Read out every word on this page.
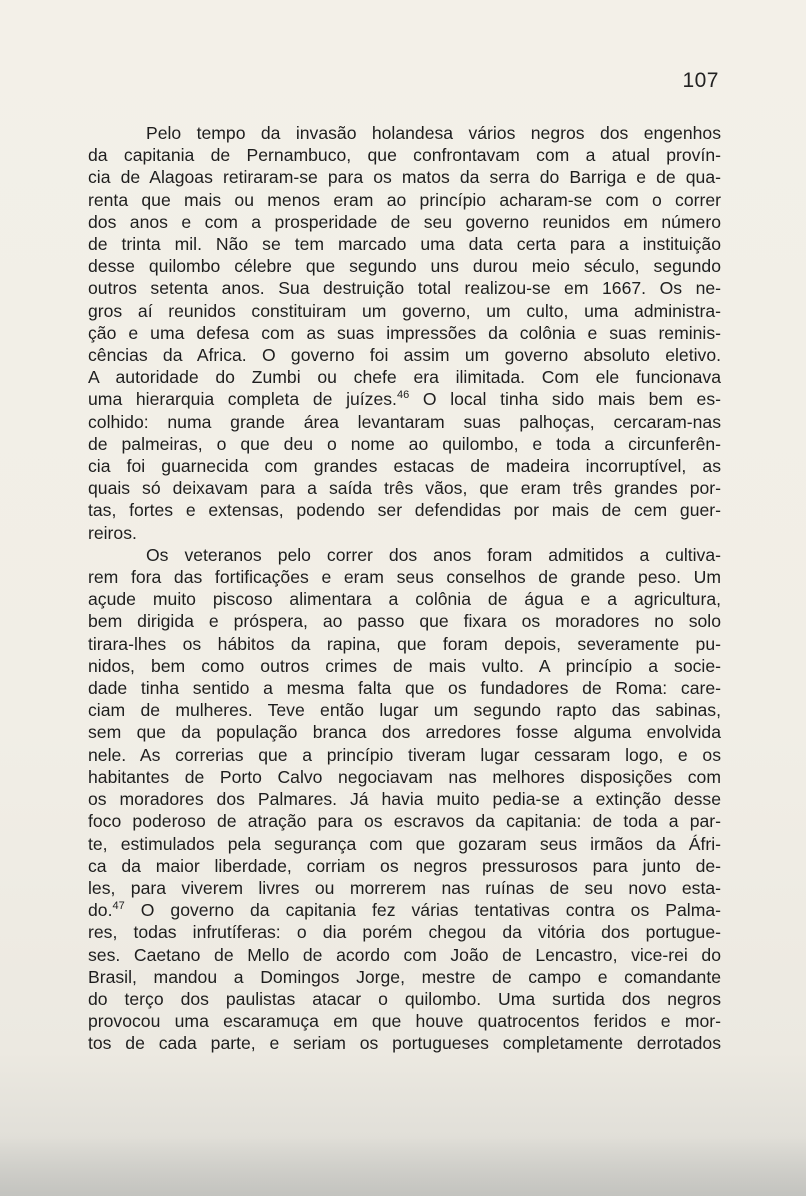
107
Pelo tempo da invasão holandesa vários negros dos engenhos
da capitania de Pernambuco, que confrontavam com a atual provín-
cia de Alagoas retiraram-se para os matos da serra do Barriga e de qua-
renta que mais ou menos eram ao princípio acharam-se com o correr
dos anos e com a prosperidade de seu governo reunidos em número
de trinta mil. Não se tem marcado uma data certa para a instituição
desse quilombo célebre que segundo uns durou meio século, segundo
outros setenta anos. Sua destruição total realizou-se em 1667. Os ne-
gros aí reunidos constituiram um governo, um culto, uma administra-
ção e uma defesa com as suas impressões da colônia e suas reminis-
cências da Africa. O governo foi assim um governo absoluto eletivo.
A autoridade do Zumbi ou chefe era ilimitada. Com ele funcionava
uma hierarquia completa de juízes.$^{46}$ O local tinha sido mais bem es-
colhido: numa grande área levantaram suas palhoças, cercaram-nas
de palmeiras, o que deu o nome ao quilombo, e toda a circunferên-
cia foi guarnecida com grandes estacas de madeira incorruptível, as
quais só deixavam para a saída três vãos, que eram três grandes por-
tas, fortes e extensas, podendo ser defendidas por mais de cem guer-
reiros.
Os veteranos pelo correr dos anos foram admitidos a cultiva-
rem fora das fortificações e eram seus conselhos de grande peso. Um
açude muito piscoso alimentara a colônia de água e a agricultura,
bem dirigida e próspera, ao passo que fixara os moradores no solo
tirara-lhes os hábitos da rapina, que foram depois, severamente pu-
nidos, bem como outros crimes de mais vulto. A princípio a socie-
dade tinha sentido a mesma falta que os fundadores de Roma: care-
ciam de mulheres. Teve então lugar um segundo rapto das sabinas,
sem que da população branca dos arredores fosse alguma envolvida
nele. As correrias que a princípio tiveram lugar cessaram logo, e os
habitantes de Porto Calvo negociavam nas melhores disposições com
os moradores dos Palmares. Já havia muito pedia-se a extinção desse
foco poderoso de atração para os escravos da capitania: de toda a par-
te, estimulados pela segurança com que gozaram seus irmãos da Áfri-
ca da maior liberdade, corriam os negros pressurosos para junto de-
les, para viverem livres ou morrerem nas ruínas de seu novo esta-
do.$^{47}$ O governo da capitania fez várias tentativas contra os Palma-
res, todas infrutíferas: o dia porém chegou da vitória dos portugue-
ses. Caetano de Mello de acordo com João de Lencastro, vice-rei do
Brasil, mandou a Domingos Jorge, mestre de campo e comandante
do terço dos paulistas atacar o quilombo. Uma surtida dos negros
provocou uma escaramuça em que houve quatrocentos feridos e mor-
tos de cada parte, e seriam os portugueses completamente derrotados
